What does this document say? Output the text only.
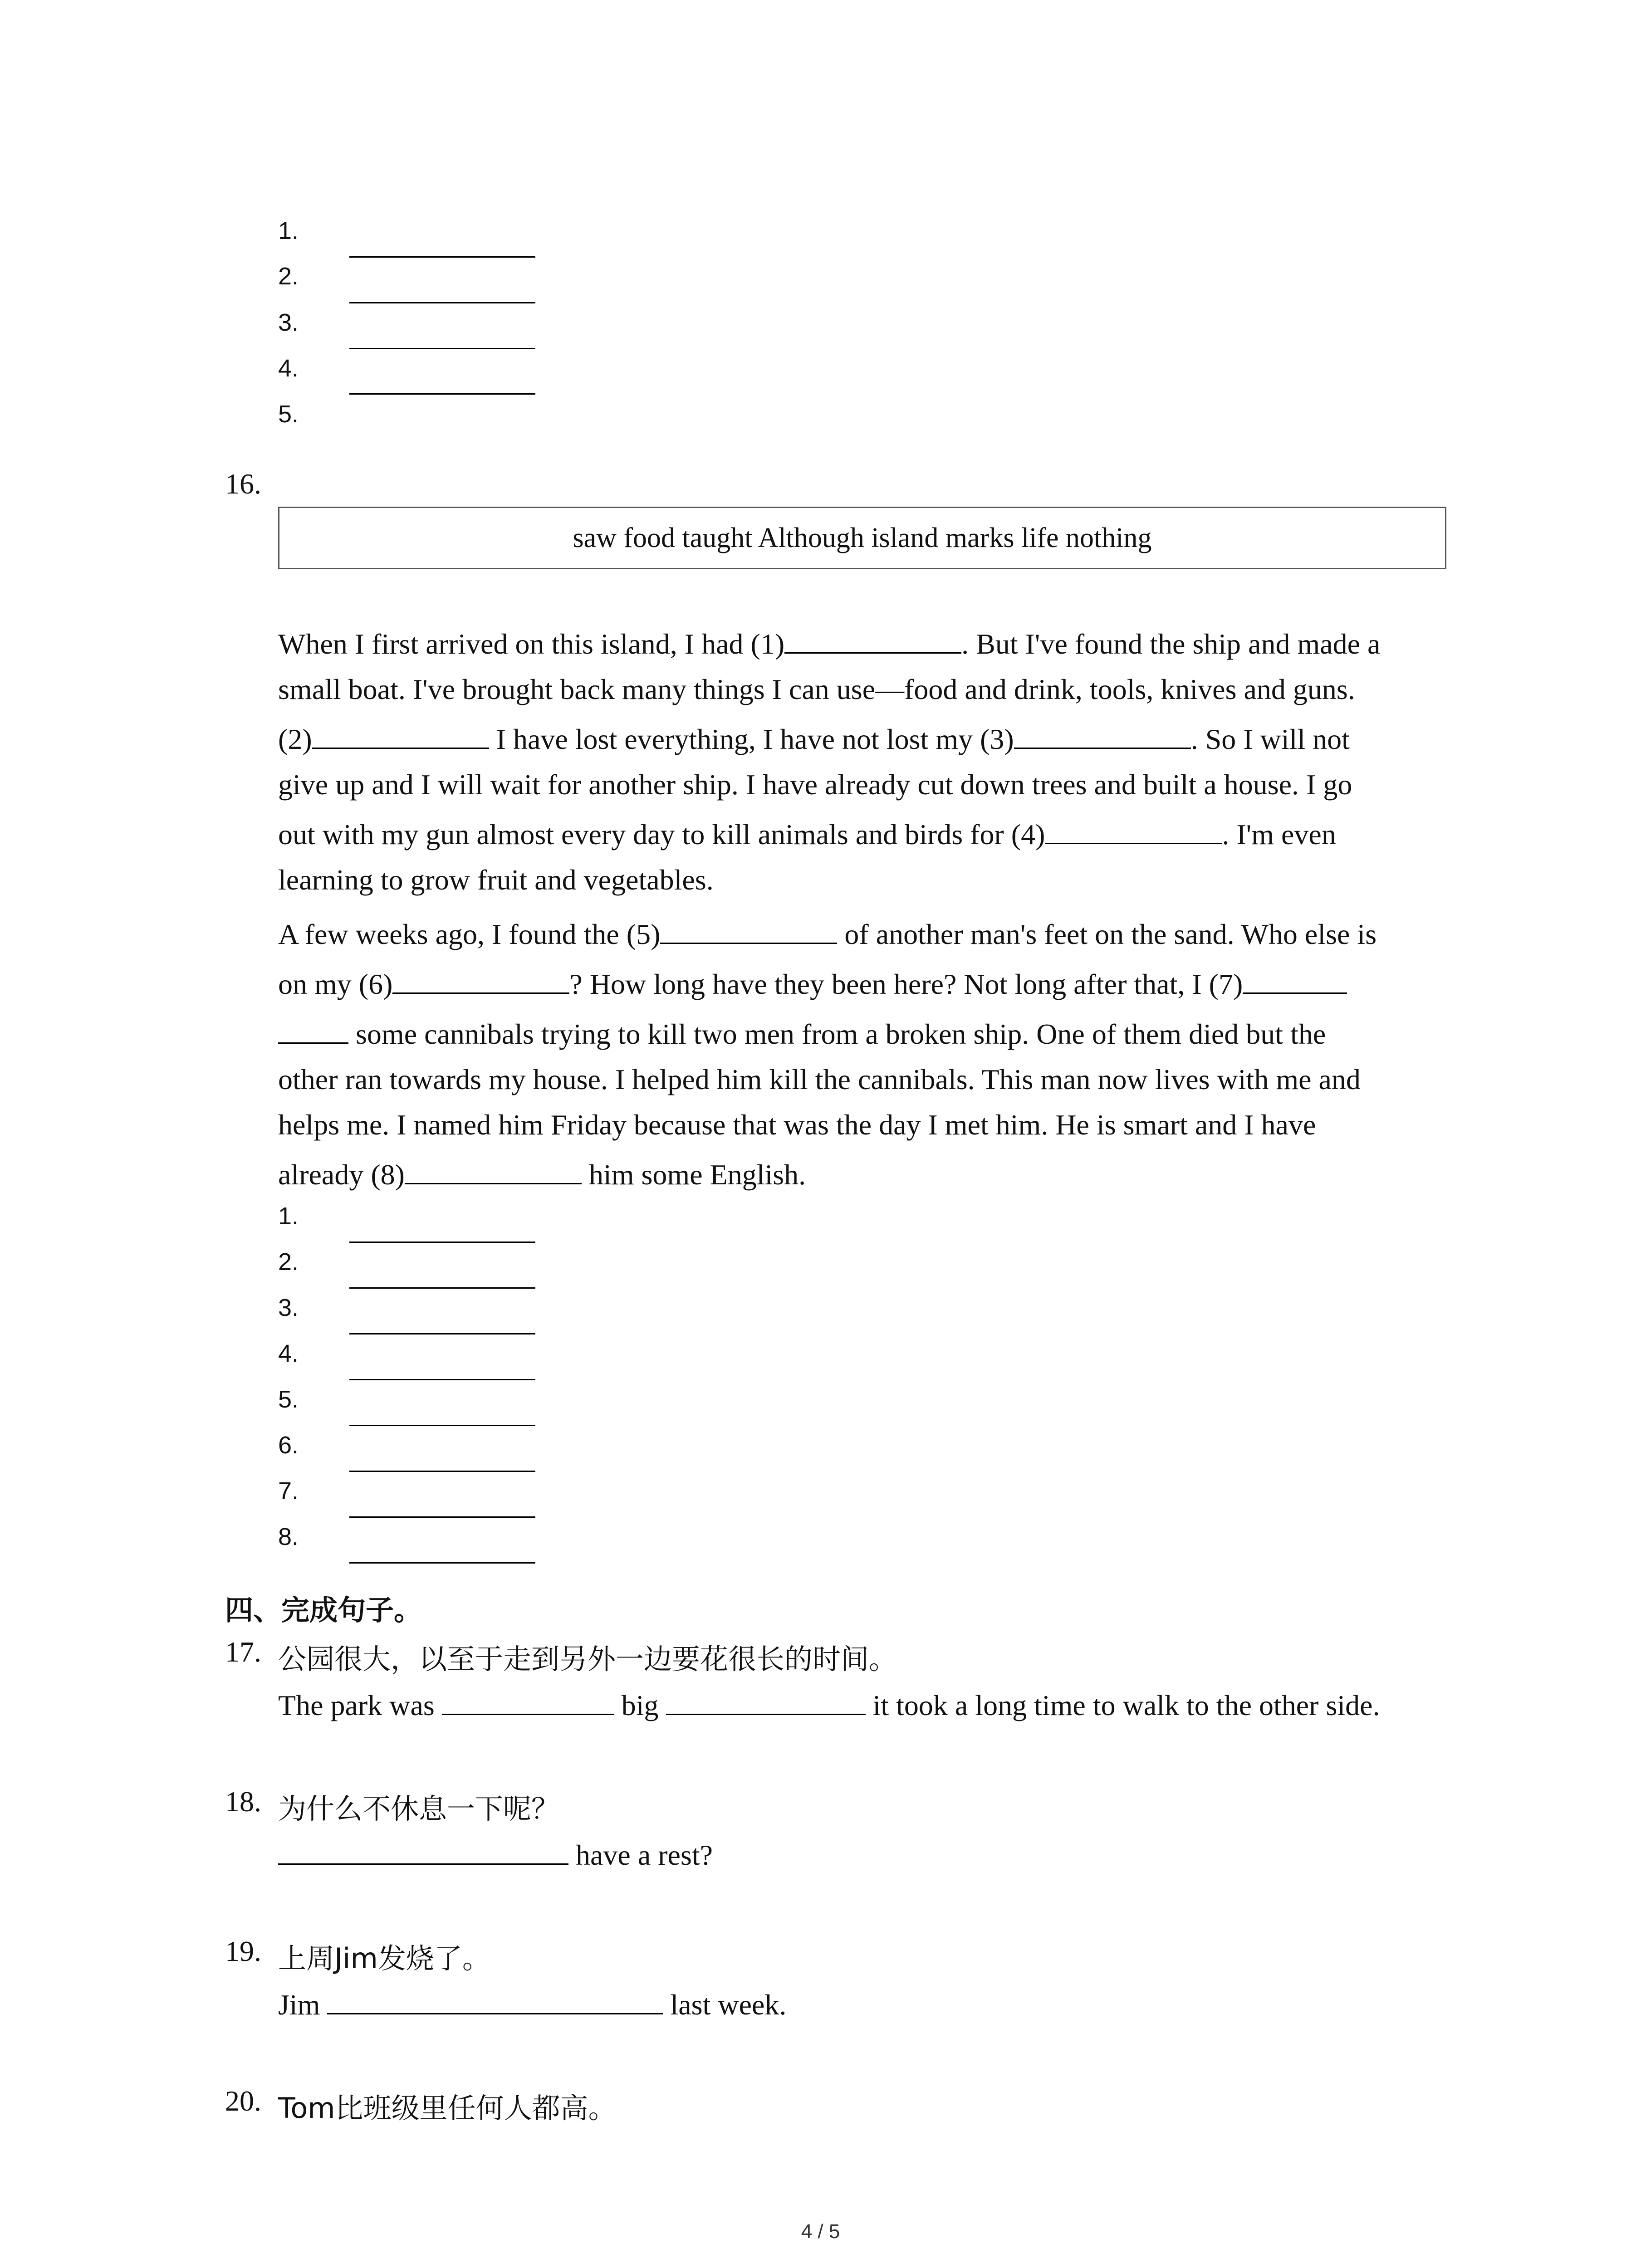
1.
2.
3.
4.
5.
16.
saw food taught Although island marks life nothing
When I first arrived on this island, I had (1)	. But I've found the ship and made a
small boat. I've brought back many things I can use—food and drink, tools, knives and guns.
(2)	I have lost everything, I have not lost my (3)	. So I will not
give up and I will wait for another ship. I have already cut down trees and built a house. I go
out with my gun almost every day to kill animals and birds for (4)	. I'm even
learning to grow fruit and vegetables.
A few weeks ago, I found the (5)	of another man's feet on the sand. Who else is
on my (6)	? How long have they been here? Not long after that, I (7)
some cannibals trying to kill two men from a broken ship. One of them died but the
other ran towards my house. I helped him kill the cannibals. This man now lives with me and
helps me. I named him Friday because that was the day I met him. He is smart and I have
already (8)	him some English.
1.
2.
3.
4.
5.
6.
7.
8.
四、完成句子。
17. 公园很大，以至于走到另外一边要花很长的时间。
The park was	big	it took a long time to walk to the other side.
18. 为什么不休息一下呢？
have a rest?
19. 上周Jim发烧了。
Jim	last week.
20. Tom比班级里任何人都高。
4 / 5
